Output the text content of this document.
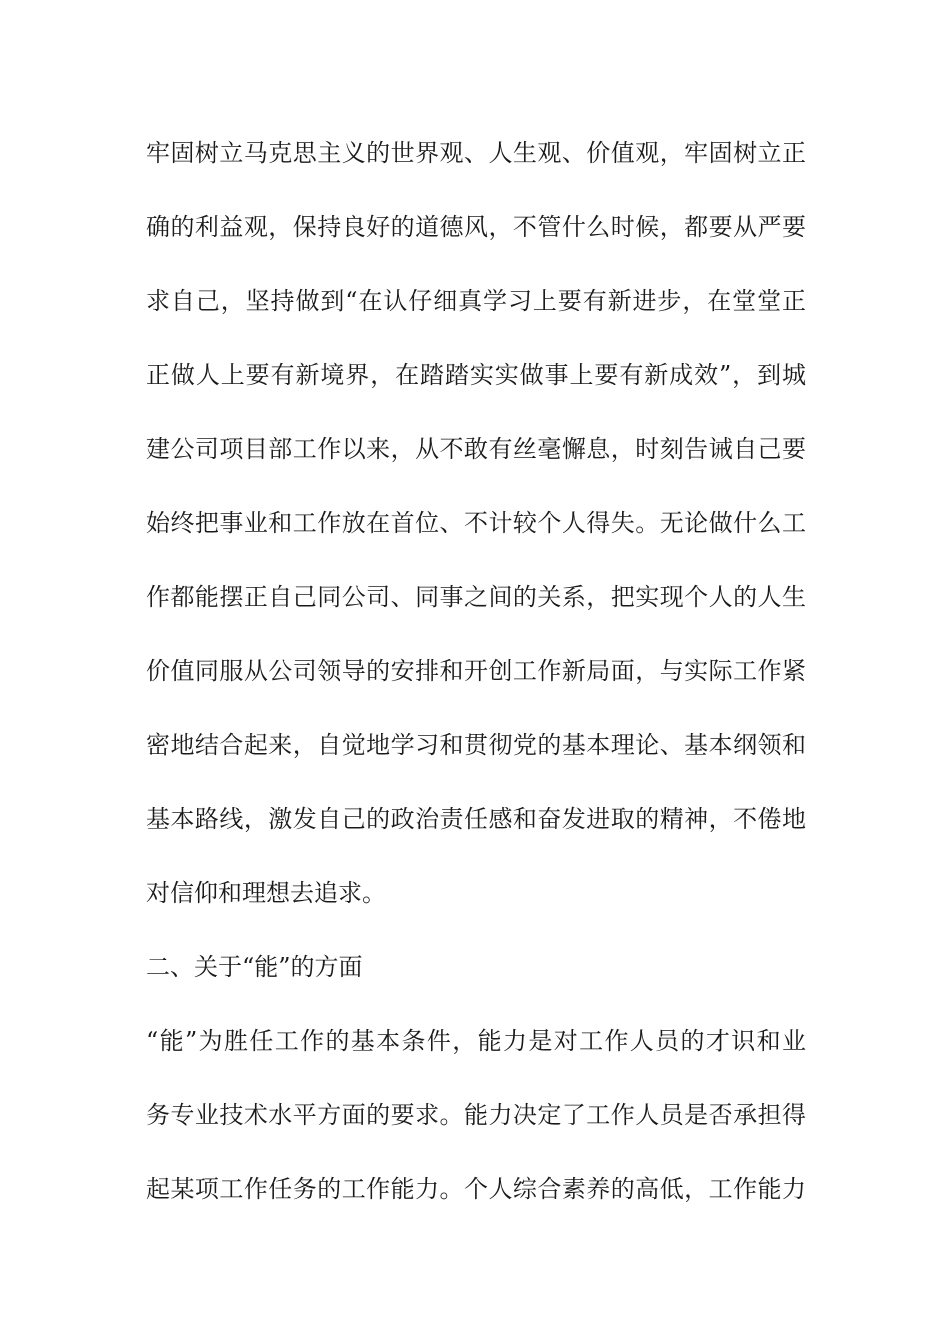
牢固树立马克思主义的世界观、人生观、价值观，牢固树立正
确的利益观，保持良好的道德风，不管什么时候，都要从严要
求自己，坚持做到“在认仔细真学习上要有新进步，在堂堂正
正做人上要有新境界，在踏踏实实做事上要有新成效”，到城
建公司项目部工作以来，从不敢有丝毫懈息，时刻告诫自己要
始终把事业和工作放在首位、不计较个人得失。无论做什么工
作都能摆正自己同公司、同事之间的关系，把实现个人的人生
价值同服从公司领导的安排和开创工作新局面，与实际工作紧
密地结合起来，自觉地学习和贯彻党的基本理论、基本纲领和
基本路线，激发自己的政治责任感和奋发进取的精神，不倦地
对信仰和理想去追求。
二、关于“能”的方面
“能”为胜任工作的基本条件，能力是对工作人员的才识和业
务专业技术水平方面的要求。能力决定了工作人员是否承担得
起某项工作任务的工作能力。个人综合素养的高低，工作能力
